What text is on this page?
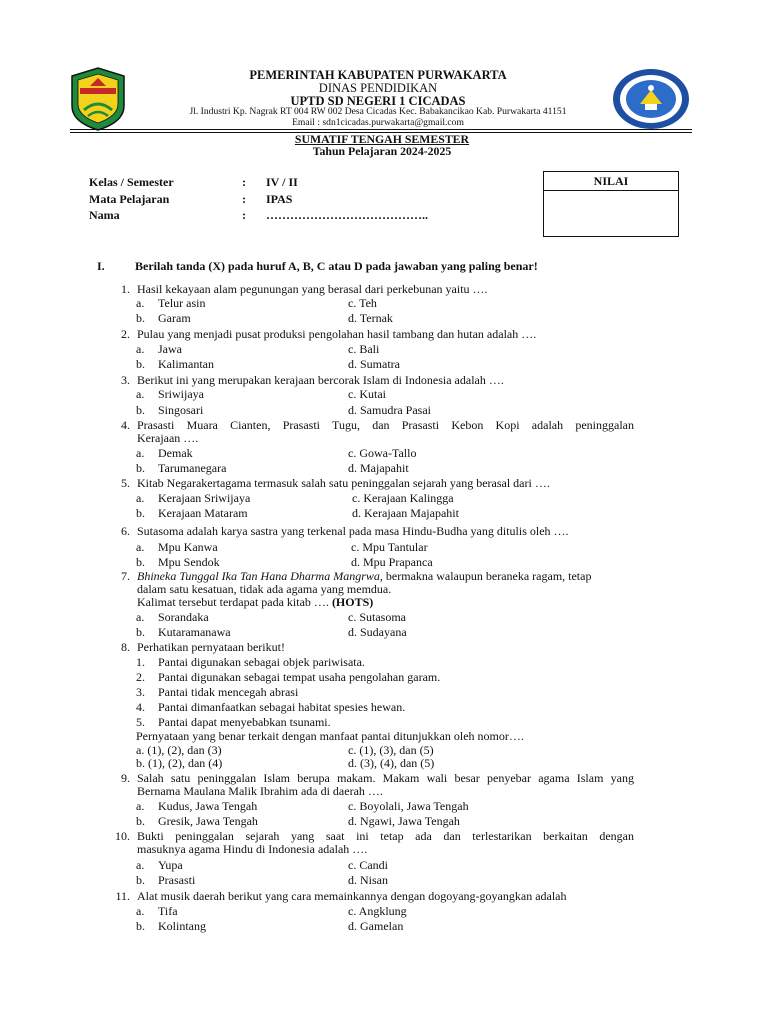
PEMERINTAH KABUPATEN PURWAKARTA
DINAS PENDIDIKAN
UPTD SD NEGERI 1 CICADAS
Jl. Industri Kp. Nagrak RT 004 RW 002 Desa Cicadas Kec. Babakancikao Kab. Purwakarta 41151
Email : sdn1cicadas.purwakarta@gmail.com
SUMATIF TENGAH SEMESTER
Tahun Pelajaran 2024-2025
Kelas / Semester	: IV / II
Mata Pelajaran	: IPAS
Nama	: …………………………………..
NILAI
I.	Berilah tanda (X) pada huruf A, B, C atau D pada jawaban yang paling benar!
1. Hasil kekayaan alam pegunungan yang berasal dari perkebunan yaitu ….
a. Telur asin	c. Teh
b. Garam	d. Ternak
2. Pulau yang menjadi pusat produksi pengolahan hasil tambang dan hutan adalah ….
a. Jawa	c. Bali
b. Kalimantan	d. Sumatra
3. Berikut ini yang merupakan kerajaan bercorak Islam di Indonesia adalah ….
a. Sriwijaya	c. Kutai
b. Singosari	d. Samudra Pasai
4. Prasasti Muara Cianten, Prasasti Tugu, dan Prasasti Kebon Kopi adalah peninggalan
Kerajaan ….
a. Demak	c. Gowa-Tallo
b. Tarumanegara	d. Majapahit
5. Kitab Negarakertagama termasuk salah satu peninggalan sejarah yang berasal dari ….
a. Kerajaan Sriwijaya	c. Kerajaan Kalingga
b. Kerajaan Mataram	d. Kerajaan Majapahit
6. Sutasoma adalah karya sastra yang terkenal pada masa Hindu-Budha yang ditulis oleh ….
a. Mpu Kanwa	c. Mpu Tantular
b. Mpu Sendok	d. Mpu Prapanca
7. Bhineka Tunggal Ika Tan Hana Dharma Mangrwa, bermakna walaupun beraneka ragam, tetap
dalam satu kesatuan, tidak ada agama yang memdua.
Kalimat tersebut terdapat pada kitab …. (HOTS)
a. Sorandaka	c. Sutasoma
b. Kutaramanawa	d. Sudayana
8. Perhatikan pernyataan berikut!
1. Pantai digunakan sebagai objek pariwisata.
2. Pantai digunakan sebagai tempat usaha pengolahan garam.
3. Pantai tidak mencegah abrasi
4. Pantai dimanfaatkan sebagai habitat spesies hewan.
5. Pantai dapat menyebabkan tsunami.
Pernyataan yang benar terkait dengan manfaat pantai ditunjukkan oleh nomor….
a. (1), (2), dan (3)	c. (1), (3), dan (5)
b. (1), (2), dan (4)	d. (3), (4), dan (5)
9. Salah satu peninggalan Islam berupa makam. Makam wali besar penyebar agama Islam yang
Bernama Maulana Malik Ibrahim ada di daerah ….
a. Kudus, Jawa Tengah	c. Boyolali, Jawa Tengah
b. Gresik, Jawa Tengah	d. Ngawi, Jawa Tengah
10. Bukti peninggalan sejarah yang saat ini tetap ada dan terlestarikan berkaitan dengan
masuknya agama Hindu di Indonesia adalah ….
a. Yupa	c. Candi
b. Prasasti	d. Nisan
11. Alat musik daerah berikut yang cara memainkannya dengan dogoyang-goyangkan adalah
a. Tifa	c. Angklung
b. Kolintang	d. Gamelan
